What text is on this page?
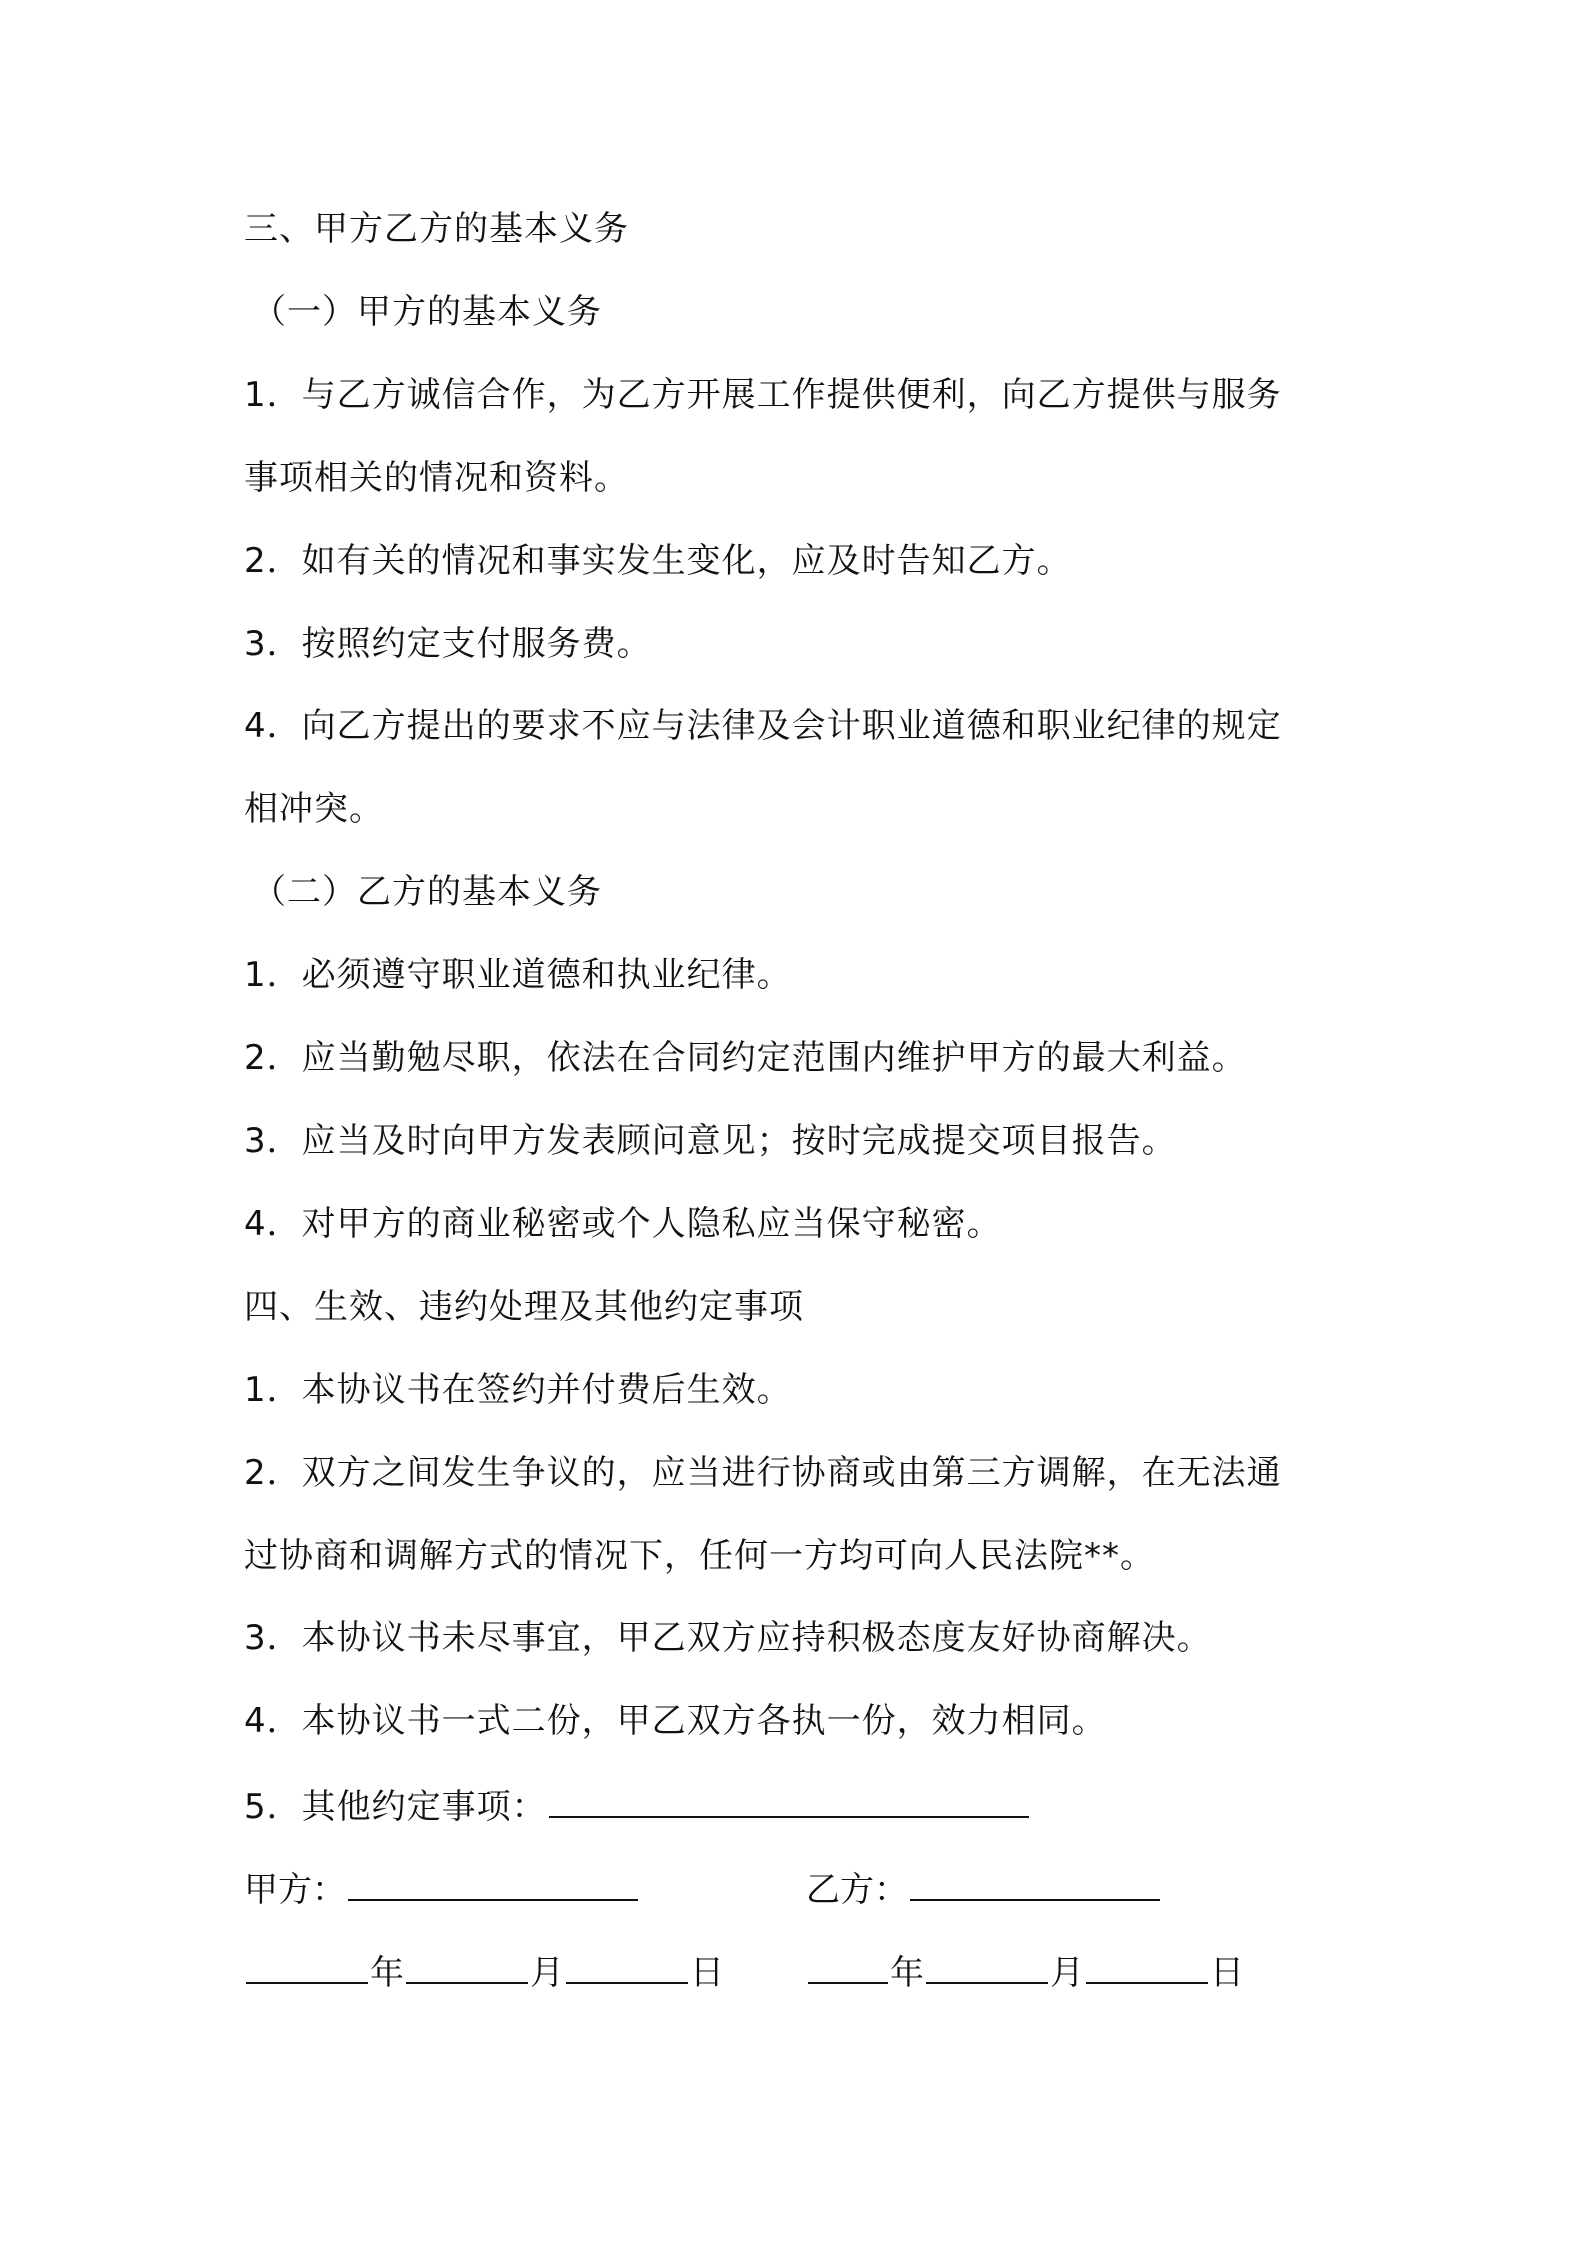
三、甲方乙方的基本义务
（一）甲方的基本义务
1．与乙方诚信合作，为乙方开展工作提供便利，向乙方提供与服务
事项相关的情况和资料。
2．如有关的情况和事实发生变化，应及时告知乙方。
3．按照约定支付服务费。
4．向乙方提出的要求不应与法律及会计职业道德和职业纪律的规定
相冲突。
（二）乙方的基本义务
1．必须遵守职业道德和执业纪律。
2．应当勤勉尽职，依法在合同约定范围内维护甲方的最大利益。
3．应当及时向甲方发表顾问意见；按时完成提交项目报告。
4．对甲方的商业秘密或个人隐私应当保守秘密。
四、生效、违约处理及其他约定事项
1．本协议书在签约并付费后生效。
2．双方之间发生争议的，应当进行协商或由第三方调解，在无法通
过协商和调解方式的情况下，任何一方均可向人民法院**。
3．本协议书未尽事宜，甲乙双方应持积极态度友好协商解决。
4．本协议书一式二份，甲乙双方各执一份，效力相同。
5．其他约定事项：
甲方：	乙方：
年	月	日	年	月	日
